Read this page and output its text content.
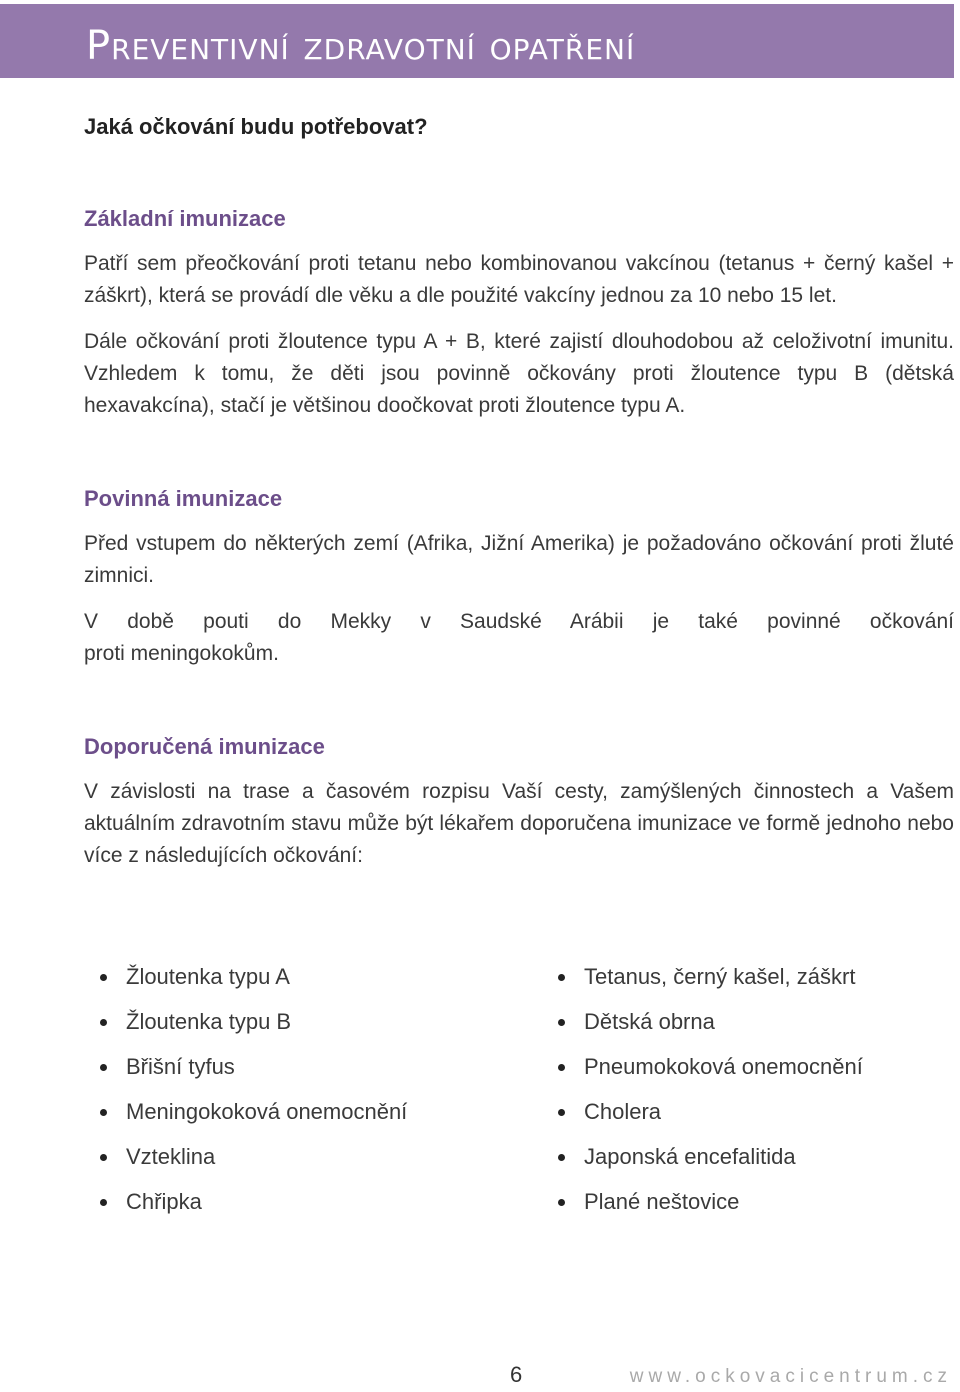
Preventivní zdravotní opatření

Jaká očkování budu potřebovat?

Základní imunizace

Patří sem přeočkování proti tetanu nebo kombinovanou vakcínou (tetanus + černý kašel + záškrt), která se provádí dle věku a dle použité vakcíny jednou za 10 nebo 15 let.

Dále očkování proti žloutence typu A + B, které zajistí dlouhodobou až celoživotní imunitu. Vzhledem k tomu, že děti jsou povinně očkovány proti žloutence typu B (dětská hexavakcína), stačí je většinou doočkovat proti žloutence typu A.

Povinná imunizace

Před vstupem do některých zemí (Afrika, Jižní Amerika) je požadováno očkování proti žluté zimnici.

V době pouti do Mekky v Saudské Arábii je také povinné očkování

proti meningokokům.

Doporučená imunizace

V závislosti na trase a časovém rozpisu Vaší cesty, zamýšlených činnostech a Vašem aktuálním zdravotním stavu může být lékařem doporučena imunizace ve formě jednoho nebo více z následujících očkování:

Žloutenka typu A
Žloutenka typu B
Břišní tyfus
Meningokoková onemocnění
Vzteklina
Chřipka
Tetanus, černý kašel, záškrt
Dětská obrna
Pneumokoková onemocnění
Cholera
Japonská encefalitida
Plané neštovice
6	www.ockovacicentrum.cz
